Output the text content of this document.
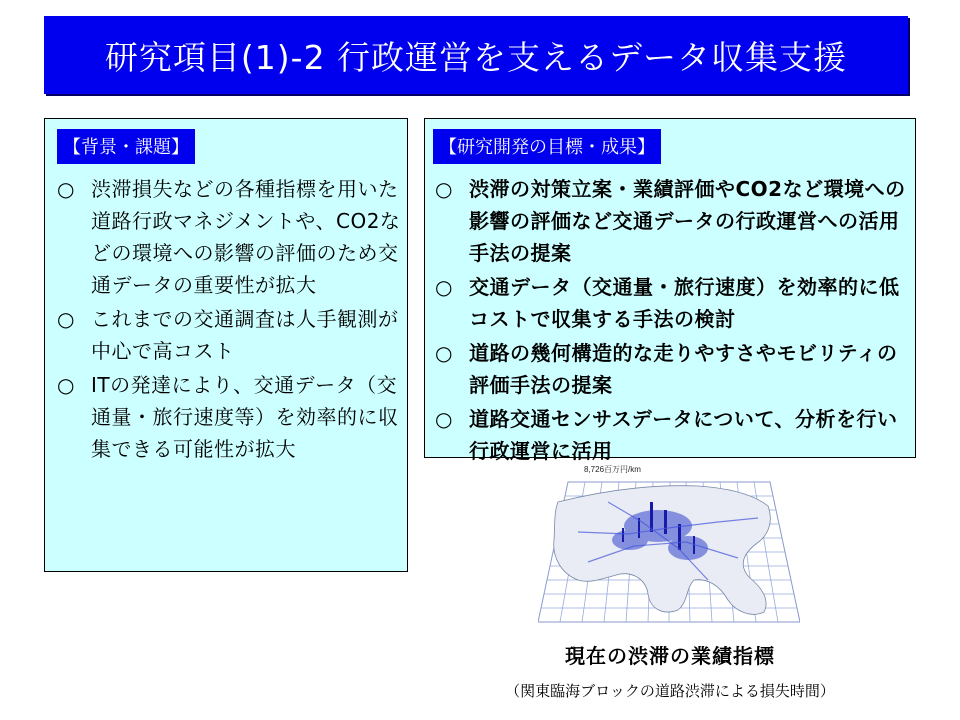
研究項目(1)-2 行政運営を支えるデータ収集支援
【背景・課題】
○ 渋滞損失などの各種指標を用いた道路行政マネジメントや、CO2などの環境への影響の評価のため交通データの重要性が拡大
○ これまでの交通調査は人手観測が中心で高コスト
○ ITの発達により、交通データ（交通量・旅行速度等）を効率的に収集できる可能性が拡大
【研究開発の目標・成果】
○ 渋滞の対策立案・業績評価やCO2など環境への影響の評価など交通データの行政運営への活用手法の提案
○ 交通データ（交通量・旅行速度）を効率的に低コストで収集する手法の検討
○ 道路の幾何構造的な走りやすさやモビリティの評価手法の提案
○ 道路交通センサスデータについて、分析を行い行政運営に活用
8,726百万円/km
現在の渋滞の業績指標
（関東臨海ブロックの道路渋滞による損失時間）
